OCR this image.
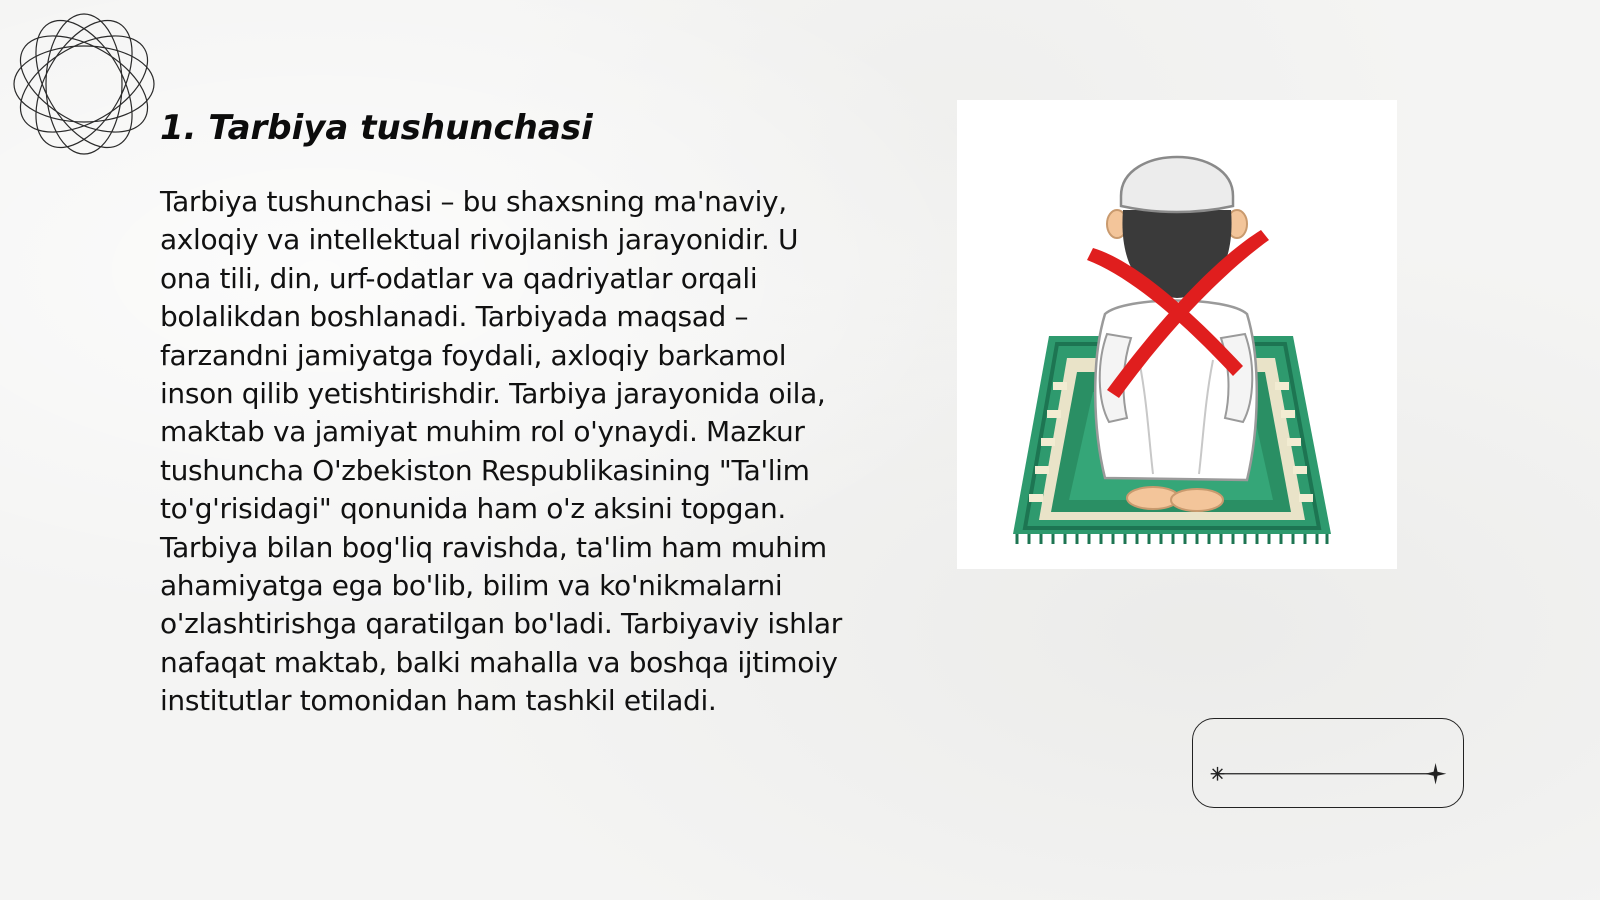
1. Tarbiya tushunchasi

Tarbiya tushunchasi – bu shaxsning ma'naviy, axloqiy va intellektual rivojlanish jarayonidir. U ona tili, din, urf-odatlar va qadriyatlar orqali bolalikdan boshlanadi. Tarbiyada maqsad – farzandni jamiyatga foydali, axloqiy barkamol inson qilib yetishtirishdir. Tarbiya jarayonida oila, maktab va jamiyat muhim rol o'ynaydi. Mazkur tushuncha O'zbekiston Respublikasining "Ta'lim to'g'risidagi" qonunida ham o'z aksini topgan. Tarbiya bilan bog'liq ravishda, ta'lim ham muhim ahamiyatga ega bo'lib, bilim va ko'nikmalarni o'zlashtirishga qaratilgan bo'ladi. Tarbiyaviy ishlar nafaqat maktab, balki mahalla va boshqa ijtimoiy institutlar tomonidan ham tashkil etiladi.
